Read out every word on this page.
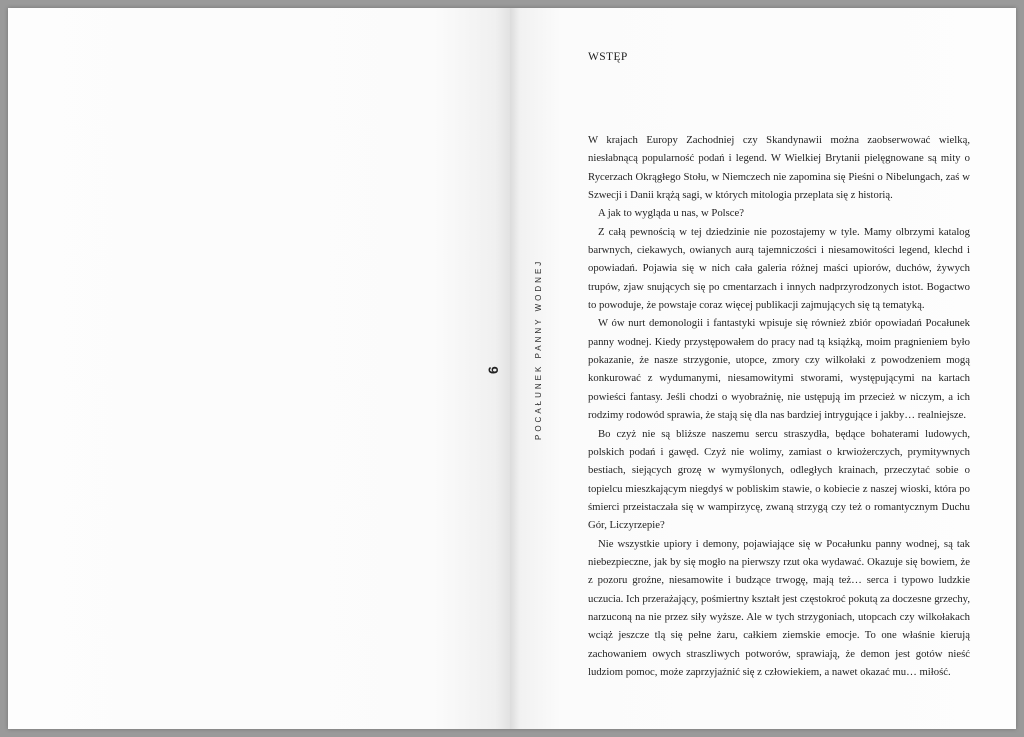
6	POCAŁUNEK PANNY WODNEJ
WSTĘP

W krajach Europy Zachodniej czy Skandynawii można zaobserwować wielką, niesłabnącą popularność podań i legend. W Wielkiej Brytanii pielęgnowane są mity o Rycerzach Okrągłego Stołu, w Niemczech nie zapomina się Pieśni o Nibelungach, zaś w Szwecji i Danii krążą sagi, w których mitologia przeplata się z historią.

A jak to wygląda u nas, w Polsce?

Z całą pewnością w tej dziedzinie nie pozostajemy w tyle. Mamy olbrzymi katalog barwnych, ciekawych, owianych aurą tajemniczości i niesamowitości legend, klechd i opowiadań. Pojawia się w nich cała galeria różnej maści upiorów, duchów, żywych trupów, zjaw snujących się po cmentarzach i innych nadprzyrodzonych istot. Bogactwo to powoduje, że powstaje coraz więcej publikacji zajmujących się tą tematyką.

W ów nurt demonologii i fantastyki wpisuje się również zbiór opowiadań Pocałunek panny wodnej. Kiedy przystępowałem do pracy nad tą książką, moim pragnieniem było pokazanie, że nasze strzygonie, utopce, zmory czy wilkołaki z powodzeniem mogą konkurować z wydumanymi, niesamowitymi stworami, występującymi na kartach powieści fantasy. Jeśli chodzi o wyobraźnię, nie ustępują im przecież w niczym, a ich rodzimy rodowód sprawia, że stają się dla nas bardziej intrygujące i jakby… realniejsze.

Bo czyż nie są bliższe naszemu sercu straszydła, będące bohaterami ludowych, polskich podań i gawęd. Czyż nie wolimy, zamiast o krwiożerczych, prymitywnych bestiach, siejących grozę w wymyślonych, odległych krainach, przeczytać sobie o topielcu mieszkającym niegdyś w pobliskim stawie, o kobiecie z naszej wioski, która po śmierci przeistaczała się w wampirzycę, zwaną strzygą czy też o romantycznym Duchu Gór, Liczyrzepie?

Nie wszystkie upiory i demony, pojawiające się w Pocałunku panny wodnej, są tak niebezpieczne, jak by się mogło na pierwszy rzut oka wydawać. Okazuje się bowiem, że z pozoru groźne, niesamowite i budzące trwogę, mają też… serca i typowo ludzkie uczucia. Ich przerażający, pośmiertny kształt jest częstokroć pokutą za doczesne grzechy, narzuconą na nie przez siły wyższe. Ale w tych strzygoniach, utopcach czy wilkołakach wciąż jeszcze tlą się pełne żaru, całkiem ziemskie emocje. To one właśnie kierują zachowaniem owych straszliwych potworów, sprawiają, że demon jest gotów nieść ludziom pomoc, może zaprzyjaźnić się z człowiekiem, a nawet okazać mu… miłość.
